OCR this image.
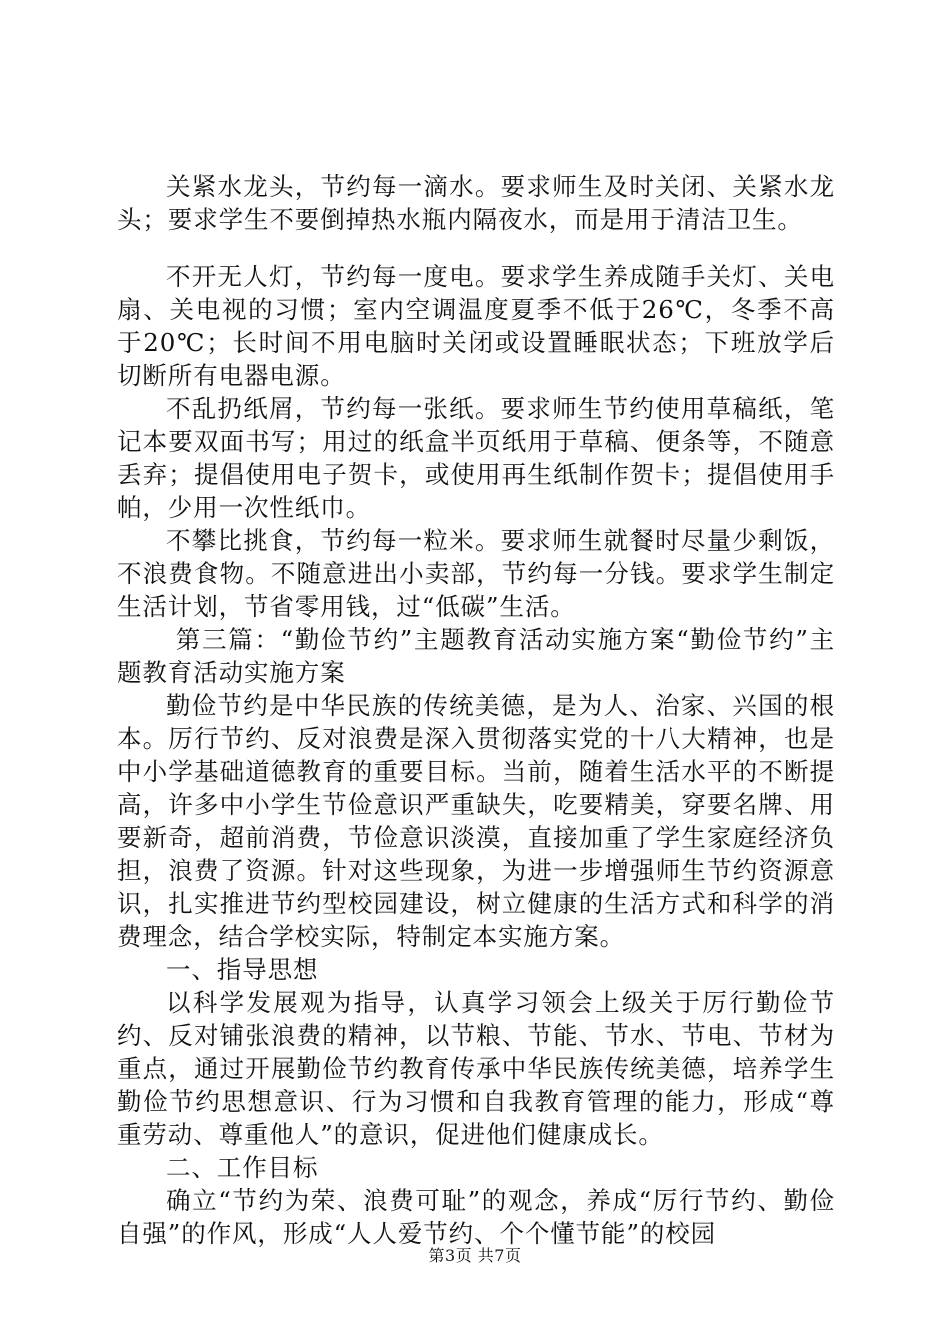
关紧水龙头，节约每一滴水。要求师生及时关闭、关紧水龙头；要求学生不要倒掉热水瓶内隔夜水，而是用于清洁卫生。

不开无人灯，节约每一度电。要求学生养成随手关灯、关电扇、关电视的习惯；室内空调温度夏季不低于26℃，冬季不高于20℃；长时间不用电脑时关闭或设置睡眠状态；下班放学后切断所有电器电源。

不乱扔纸屑，节约每一张纸。要求师生节约使用草稿纸，笔记本要双面书写；用过的纸盒半页纸用于草稿、便条等，不随意丢弃；提倡使用电子贺卡，或使用再生纸制作贺卡；提倡使用手帕，少用一次性纸巾。

不攀比挑食，节约每一粒米。要求师生就餐时尽量少剩饭，不浪费食物。不随意进出小卖部，节约每一分钱。要求学生制定生活计划，节省零用钱，过“低碳”生活。

第三篇：“勤俭节约”主题教育活动实施方案“勤俭节约”主题教育活动实施方案

勤俭节约是中华民族的传统美德，是为人、治家、兴国的根本。厉行节约、反对浪费是深入贯彻落实党的十八大精神，也是中小学基础道德教育的重要目标。当前，随着生活水平的不断提高，许多中小学生节俭意识严重缺失，吃要精美，穿要名牌、用要新奇，超前消费，节俭意识淡漠，直接加重了学生家庭经济负担，浪费了资源。针对这些现象，为进一步增强师生节约资源意识，扎实推进节约型校园建设，树立健康的生活方式和科学的消费理念，结合学校实际，特制定本实施方案。

一、指导思想

以科学发展观为指导，认真学习领会上级关于厉行勤俭节约、反对铺张浪费的精神，以节粮、节能、节水、节电、节材为重点，通过开展勤俭节约教育传承中华民族传统美德，培养学生勤俭节约思想意识、行为习惯和自我教育管理的能力，形成“尊重劳动、尊重他人”的意识，促进他们健康成长。

二、工作目标

确立“节约为荣、浪费可耻”的观念，养成“厉行节约、勤俭自强”的作风，形成“人人爱节约、个个懂节能”的校园

第3页 共7页
